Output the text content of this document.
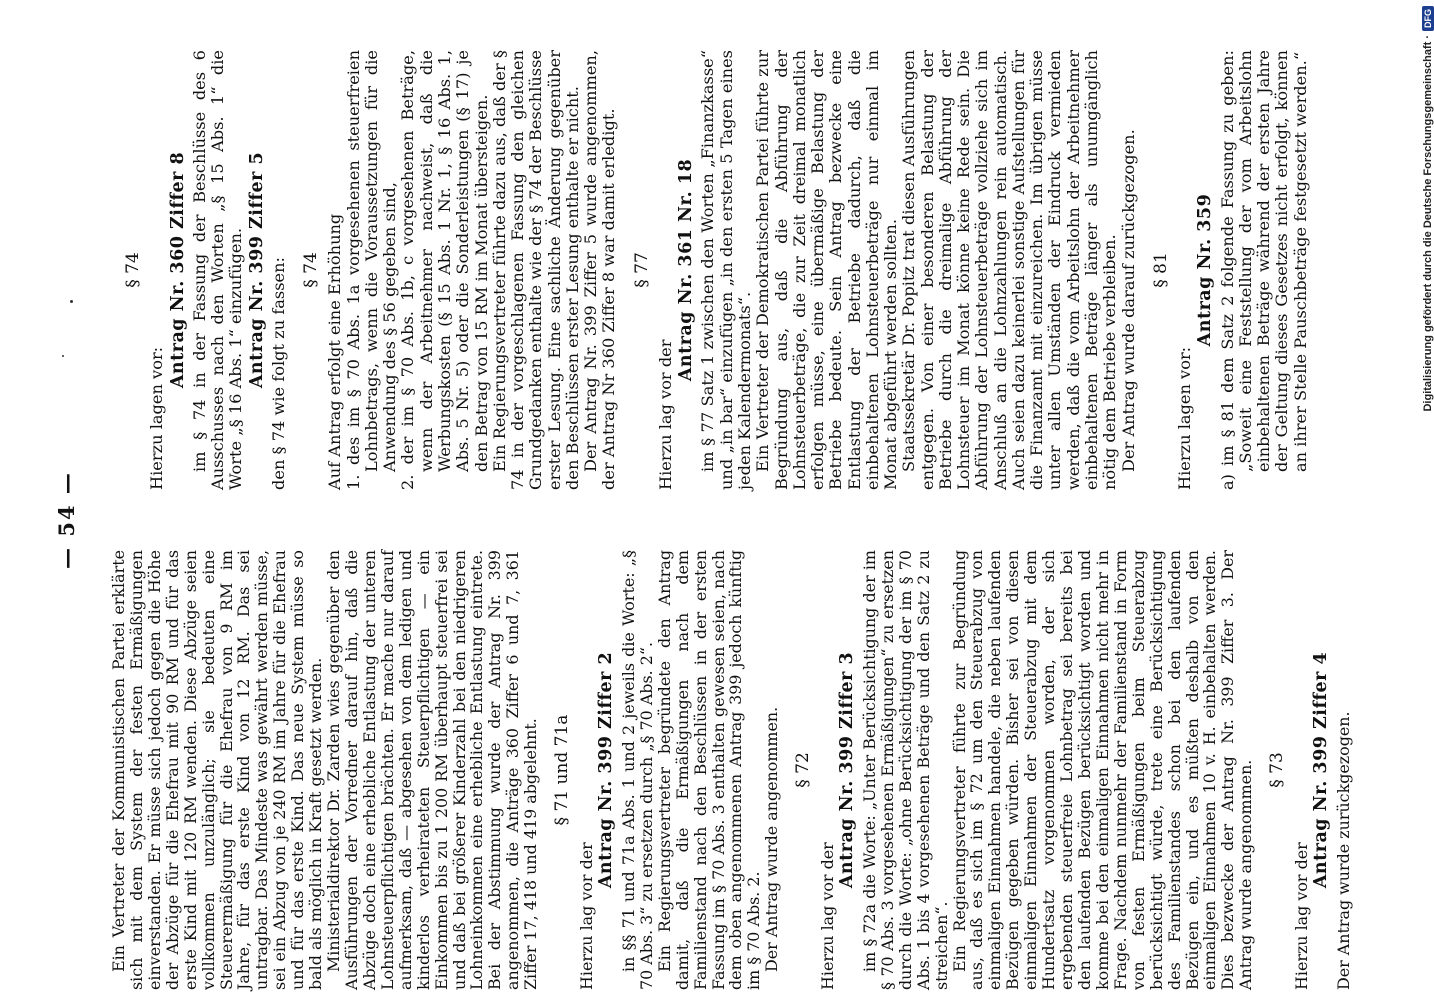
— 54 —

Ein Vertreter der Kommunistischen Partei erklärte sich mit dem System der festen Ermäßigungen einverstanden. Er müsse sich jedoch gegen die Höhe der Abzüge für die Ehefrau mit 90 RM und für das erste Kind mit 120 RM wenden. Diese Abzüge seien vollkommen unzulänglich; sie bedeuten eine Steuerermäßigung für die Ehefrau von 9 RM im Jahre, für das erste Kind von 12 RM. Das sei untragbar. Das Mindeste was gewährt werden müsse, sei ein Abzug von je 240 RM im Jahre für die Ehefrau und für das erste Kind. Das neue System müsse so bald als möglich in Kraft gesetzt werden.

Ministerialdirektor Dr. Zarden wies gegenüber den Ausführungen der Vorredner darauf hin, daß die Abzüge doch eine erhebliche Entlastung der unteren Lohnsteuerpflichtigen brächten. Er mache nur darauf aufmerksam, daß — abgesehen von dem ledigen und kinderlos verheirateten Steuerpflichtigen — ein Einkommen bis zu 1 200 RM überhaupt steuerfrei sei und daß bei größerer Kinderzahl bei den niedrigeren Lohneinkommen eine erhebliche Entlastung eintrete. Bei der Abstimmung wurde der Antrag Nr. 399 angenommen, die Anträge 360 Ziffer 6 und 7, 361 Ziffer 17, 418 und 419 abgelehnt. § 71 und 71a

Hierzu lag vor der

Antrag Nr. 399 Ziffer 2 in §§ 71 und 71a Abs. 1 und 2 jeweils die Worte: „§ 70 Abs. 3“ zu ersetzen durch „§ 70 Abs. 2“.

Ein Regierungsvertreter begründete den Antrag damit, daß die Ermäßigungen nach dem Familienstand nach den Beschlüssen in der ersten Fassung im § 70 Abs. 3 enthalten gewesen seien, nach dem oben angenommenen Antrag 399 jedoch künftig im § 70 Abs. 2.

Der Antrag wurde angenommen. § 72

Hierzu lag vor der

Antrag Nr. 399 Ziffer 3 im § 72a die Worte: „Unter Berücksichtigung der im § 70 Abs. 3 vorgesehenen Ermäßigungen“ zu ersetzen durch die Worte: „ohne Berücksichtigung der im § 70 Abs. 1 bis 4 vorgesehenen Beträge und den Satz 2 zu streichen“.

Ein Regierungsvertreter führte zur Begründung aus, daß es sich im § 72 um den Steuerabzug von einmaligen Einnahmen handele, die neben laufenden Bezügen gegeben würden. Bisher sei von diesen einmaligen Einnahmen der Steuerabzug mit dem Hundertsatz vorgenommen worden, der sich ergebenden steuerfreie Lohnbetrag sei bereits bei den laufenden Bezügen berücksichtigt worden und komme bei den einmaligen Einnahmen nicht mehr in Frage. Nachdem nunmehr der Familienstand in Form von festen Ermäßigungen beim Steuerabzug berücksichtigt würde, trete eine Berücksichtigung des Familienstandes schon bei den laufenden Bezügen ein, und es müßten deshalb von den einmaligen Einnahmen 10 v. H. einbehalten werden. Dies bezwecke der Antrag Nr. 399 Ziffer 3. Der Antrag wurde angenommen. § 73

Hierzu lag vor der

Antrag Nr. 399 Ziffer 4 Der Antrag wurde zurückgezogen.

§ 74

Hierzu lagen vor:

Antrag Nr. 360 Ziffer 8 im § 74 in der Fassung der Beschlüsse des 6 Ausschusses nach den Worten „§ 15 Abs. 1“ die Worte „§ 16 Abs. 1“ einzufügen. Antrag Nr. 399 Ziffer 5 den § 74 wie folgt zu fassen: § 74 Auf Antrag erfolgt eine Erhöhung 1. des im § 70 Abs. 1a vorgesehenen steuerfreien Lohnbetrags, wenn die Voraussetzungen für die Anwendung des § 56 gegeben sind, 2. der im § 70 Abs. 1b, c vorgesehenen Beträge, wenn der Arbeitnehmer nachweist, daß die Werbungskosten (§ 15 Abs. 1 Nr. 1, § 16 Abs. 1, Abs. 5 Nr. 5) oder die Sonderleistungen (§ 17) je den Betrag von 15 RM im Monat übersteigen. Ein Regierungsvertreter führte dazu aus, daß der § 74 in der vorgeschlagenen Fassung den gleichen Grundgedanken enthalte wie der § 74 der Beschlüsse erster Lesung. Eine sachliche Änderung gegenüber den Beschlüssen erster Lesung enthalte er nicht. Der Antrag Nr. 399 Ziffer 5 wurde angenommen, der Antrag Nr 360 Ziffer 8 war damit erledigt. § 77

Hierzu lag vor der

Antrag Nr. 361 Nr. 18 im § 77 Satz 1 zwischen den Worten „Finanzkasse“ und „in bar“ einzufügen „in den ersten 5 Tagen eines jeden Kalendermonats“. Ein Vertreter der Demokratischen Partei führte zur Begründung aus, daß die Abführung der Lohnsteuerbeträge, die zur Zeit dreimal monatlich erfolgen müsse, eine übermäßige Belastung der Betriebe bedeute. Sein Antrag bezwecke eine Entlastung der Betriebe dadurch, daß die einbehaltenen Lohnsteuerbeträge nur einmal im Monat abgeführt werden sollten. Staatssekretär Dr. Popitz trat diesen Ausführungen entgegen. Von einer besonderen Belastung der Betriebe durch die dreimalige Abführung der Lohnsteuer im Monat könne keine Rede sein. Die Abführung der Lohnsteuerbeträge vollziehe sich im Anschluß an die Lohnzahlungen rein automatisch. Auch seien dazu keinerlei sonstige Aufstellungen für die Finanzamt mit einzureichen. Im übrigen müsse unter allen Umständen der Eindruck vermieden werden, daß die vom Arbeitslohn der Arbeitnehmer einbehaltenen Beträge länger als unumgänglich nötig dem Betriebe verbleiben. Der Antrag wurde darauf zurückgezogen. § 81

Hierzu lagen vor:

Antrag Nr. 359 a) im § 81 dem Satz 2 folgende Fassung zu geben: „Soweit eine Feststellung der vom Arbeitslohn einbehaltenen Beträge während der ersten Jahre der Geltung dieses Gesetzes nicht erfolgt, können an ihrer Stelle Pauschbeträge festgesetzt werden.“	Digitalisierung gefördert durch die Deutsche Forschungsgemeinschaft ·
DFG
